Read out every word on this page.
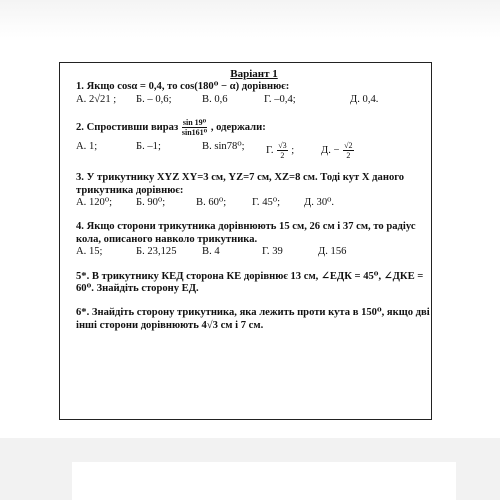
Варіант 1

1. Якщо cosα = 0,4, то cos(180⁰ − α) дорівнює:

А. 2√21 ;	Б. – 0,6;	В. 0,6	Г. –0,4;	Д. 0,4.

2. Спростивши вираз $\frac{\text{sin 19⁰}}{\text{sin161⁰}}$ , одержали:

А. 1;	Б. –1;	В. sin78⁰;	Г. $\frac{√3}{2}$ ;	Д. − $\frac{√2}{2}$

3. У трикутнику XYZ XY=3 см, YZ=7 см, XZ=8 см. Тоді кут X даного трикутника дорівнює:

А. 120⁰;	Б. 90⁰;	В. 60⁰;	Г. 45⁰;	Д. 30⁰.

4. Якщо сторони трикутника дорівнюють 15 см, 26 см і 37 см, то радіус кола, описаного навколо трикутника.

А. 15;	Б. 23,125	В. 4	Г. 39	Д. 156

5*. В трикутнику КЕД сторона КЕ дорівнює 13 см, ∠ЕДК = 45⁰, ∠ДКЕ = 60⁰. Знайдіть сторону ЕД.

6*. Знайдіть сторону трикутника, яка лежить проти кута в 150⁰, якщо дві інші сторони дорівнюють 4√3 см і 7 см.
